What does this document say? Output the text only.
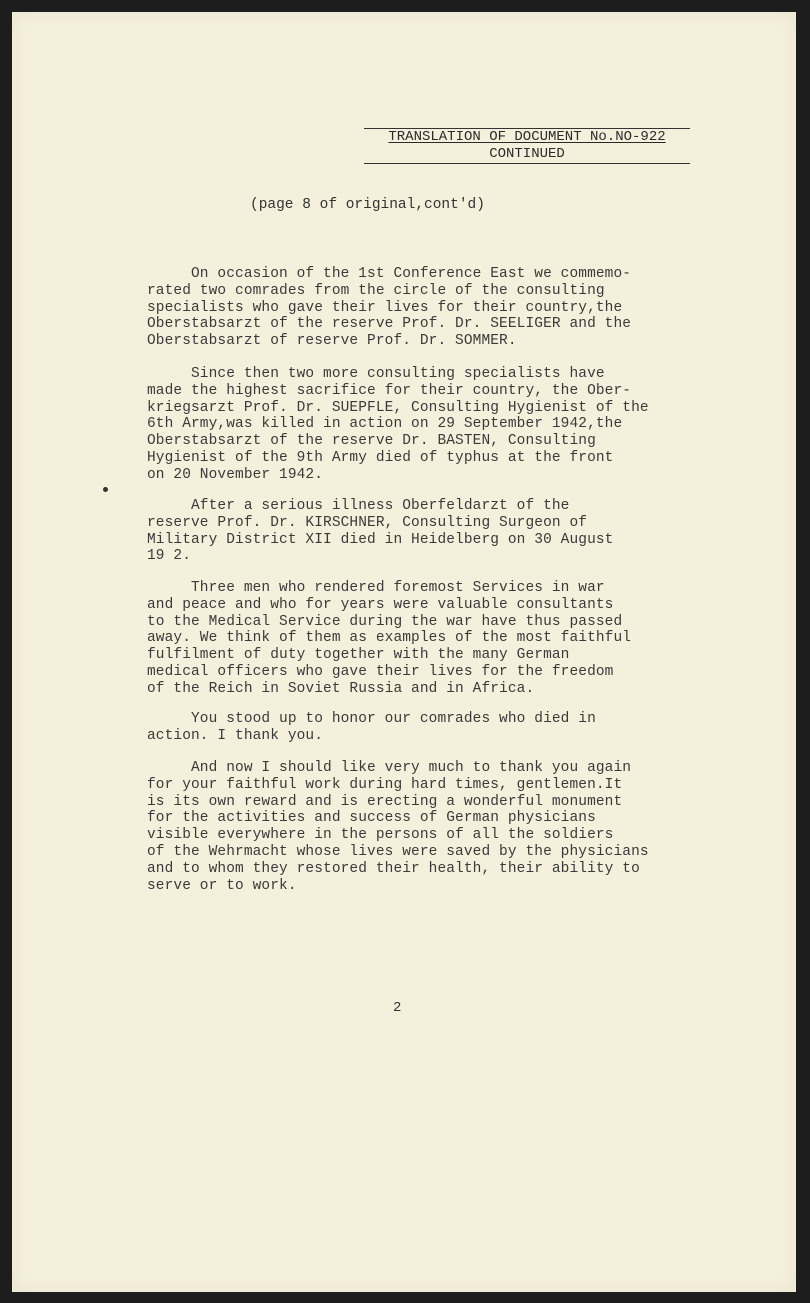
TRANSLATION OF DOCUMENT No.NO-922
CONTINUED
(page 8 of original,cont'd)
On occasion of the 1st Conference East we commemo-
rated two comrades from the circle of the consulting
specialists who gave their lives for their country,the
Oberstabsarzt of the reserve Prof. Dr. SEELIGER and the
Oberstabsarzt of reserve Prof. Dr. SOMMER.
Since then two more consulting specialists have
made the highest sacrifice for their country, the Ober-
kriegsarzt Prof. Dr. SUEPFLE, Consulting Hygienist of the
6th Army,was killed in action on 29 September 1942,the
Oberstabsarzt of the reserve Dr. BASTEN, Consulting
Hygienist of the 9th Army died of typhus at the front
on 20 November 1942.
After a serious illness Oberfeldarzt of the
reserve Prof. Dr. KIRSCHNER, Consulting Surgeon of
Military District XII died in Heidelberg on 30 August
19 2.
Three men who rendered foremost Services in war
and peace and who for years were valuable consultants
to the Medical Service during the war have thus passed
away. We think of them as examples of the most faithful
fulfilment of duty together with the many German
medical officers who gave their lives for the freedom
of the Reich in Soviet Russia and in Africa.
You stood up to honor our comrades who died in
action. I thank you.
And now I should like very much to thank you again
for your faithful work during hard times, gentlemen.It
is its own reward and is erecting a wonderful monument
for the activities and success of German physicians
visible everywhere in the persons of all the soldiers
of the Wehrmacht whose lives were saved by the physicians
and to whom they restored their health, their ability to
serve or to work.
2
